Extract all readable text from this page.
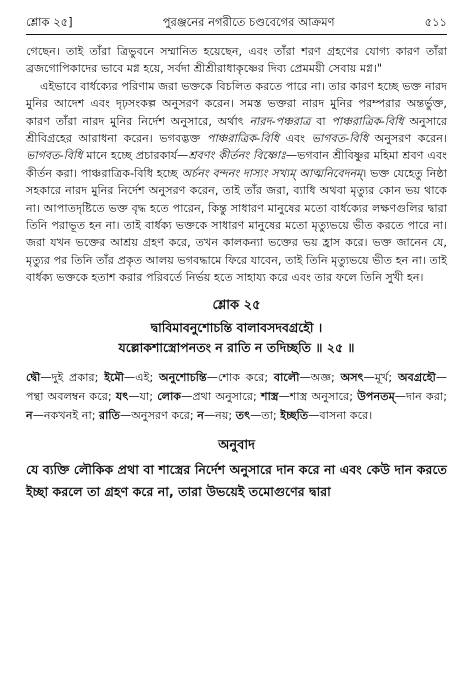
শ্লোক ২৫]	পুরঞ্জনের নগরীতে চণ্ডবেগের আক্রমণ	৫১১

গেছেন। তাই তাঁরা ত্রিভুবনে সম্মানিত হয়েছেন, এবং তাঁরা শরণ গ্রহণের যোগ্য কারণ তাঁরা ব্রজগোপিকাদের ভাবে মগ্ন হয়ে, সর্বদা শ্রীশ্রীরাধাকৃষ্ণের দিব্য প্রেমময়ী সেবায় মগ্ন।"

এইভাবে বার্ধক্যের পরিণাম জরা ভক্তকে বিচলিত করতে পারে না। তার কারণ হচ্ছে ভক্ত নারদ মুনির আদেশ এবং দৃঢ়সংকল্প অনুসরণ করেন। সমস্ত ভক্তরা নারদ মুনির পরম্পরার অন্তর্ভুক্ত, কারণ তাঁরা নারদ মুনির নির্দেশ অনুসারে, অর্থাৎ নারদ-পঞ্চরাত্র বা পাঞ্চরাত্রিক-বিধি অনুসারে শ্রীবিগ্রহের আরাধনা করেন। ভগবদ্ভক্ত পাঞ্চরাত্রিক-বিধি এবং ভাগবত-বিধি অনুসরণ করেন। ভাগবত-বিধি মানে হচ্ছে প্রচারকার্য—শ্রবণং কীর্তনং বিষ্ণোঃ—ভগবান শ্রীবিষ্ণুর মহিমা শ্রবণ এবং কীর্তন করা। পাঞ্চরাত্রিক-বিধি হচ্ছে অর্চনং বন্দনং দাস্যং সখ্যম্ আত্মনিবেদনম্। ভক্ত যেহেতু নিষ্ঠা সহকারে নারদ মুনির নির্দেশ অনুসরণ করেন, তাই তাঁর জরা, ব্যাধি অথবা মৃত্যুর কোন ভয় থাকে না। আপাতদৃষ্টিতে ভক্ত বৃদ্ধ হতে পারেন, কিন্তু সাধারণ মানুষের মতো বার্ধক্যের লক্ষণগুলির দ্বারা তিনি পরাভূত হন না। তাই বার্ধক্য ভক্তকে সাধারণ মানুষের মতো মৃত্যুভয়ে ভীত করতে পারে না। জরা যখন ভক্তের আশ্রয় গ্রহণ করে, তখন কালকন্যা ভক্তের ভয় হ্রাস করে। ভক্ত জানেন যে, মৃত্যুর পর তিনি তাঁর প্রকৃত আলয় ভগবদ্ধামে ফিরে যাবেন, তাই তিনি মৃত্যুভয়ে ভীত হন না। তাই বার্ধক্য ভক্তকে হতাশ করার পরিবর্তে নির্ভয় হতে সাহায্য করে এবং তার ফলে তিনি সুখী হন।

শ্লোক ২৫

দ্বাবিমাবনুশোচন্তি বালাবসদবগ্রহৌ ।

যল্লোকশাস্ত্রোপনতং ন রাতি ন তদিচ্ছতি ॥ ২৫ ॥

দ্বৌ—দুই প্রকার; ইমৌ—এই; অনুশোচন্তি—শোক করে; বালৌ—অজ্ঞ; অসৎ—মূর্খ; অবগ্রহৌ—পন্থা অবলম্বন করে; যৎ—যা; লোক—প্রথা অনুসারে; শাস্ত্র—শাস্ত্র অনুসারে; উপনতম্—দান করা; ন—নকখনই না; রাতি—অনুসরণ করে; ন—নয়; তৎ—তা; ইচ্ছতি—বাসনা করে।

অনুবাদ

যে ব্যক্তি লৌকিক প্রথা বা শাস্ত্রের নির্দেশ অনুসারে দান করে না এবং কেউ দান করতে ইচ্ছা করলে তা গ্রহণ করে না, তারা উভয়েই তমোগুণের দ্বারা
